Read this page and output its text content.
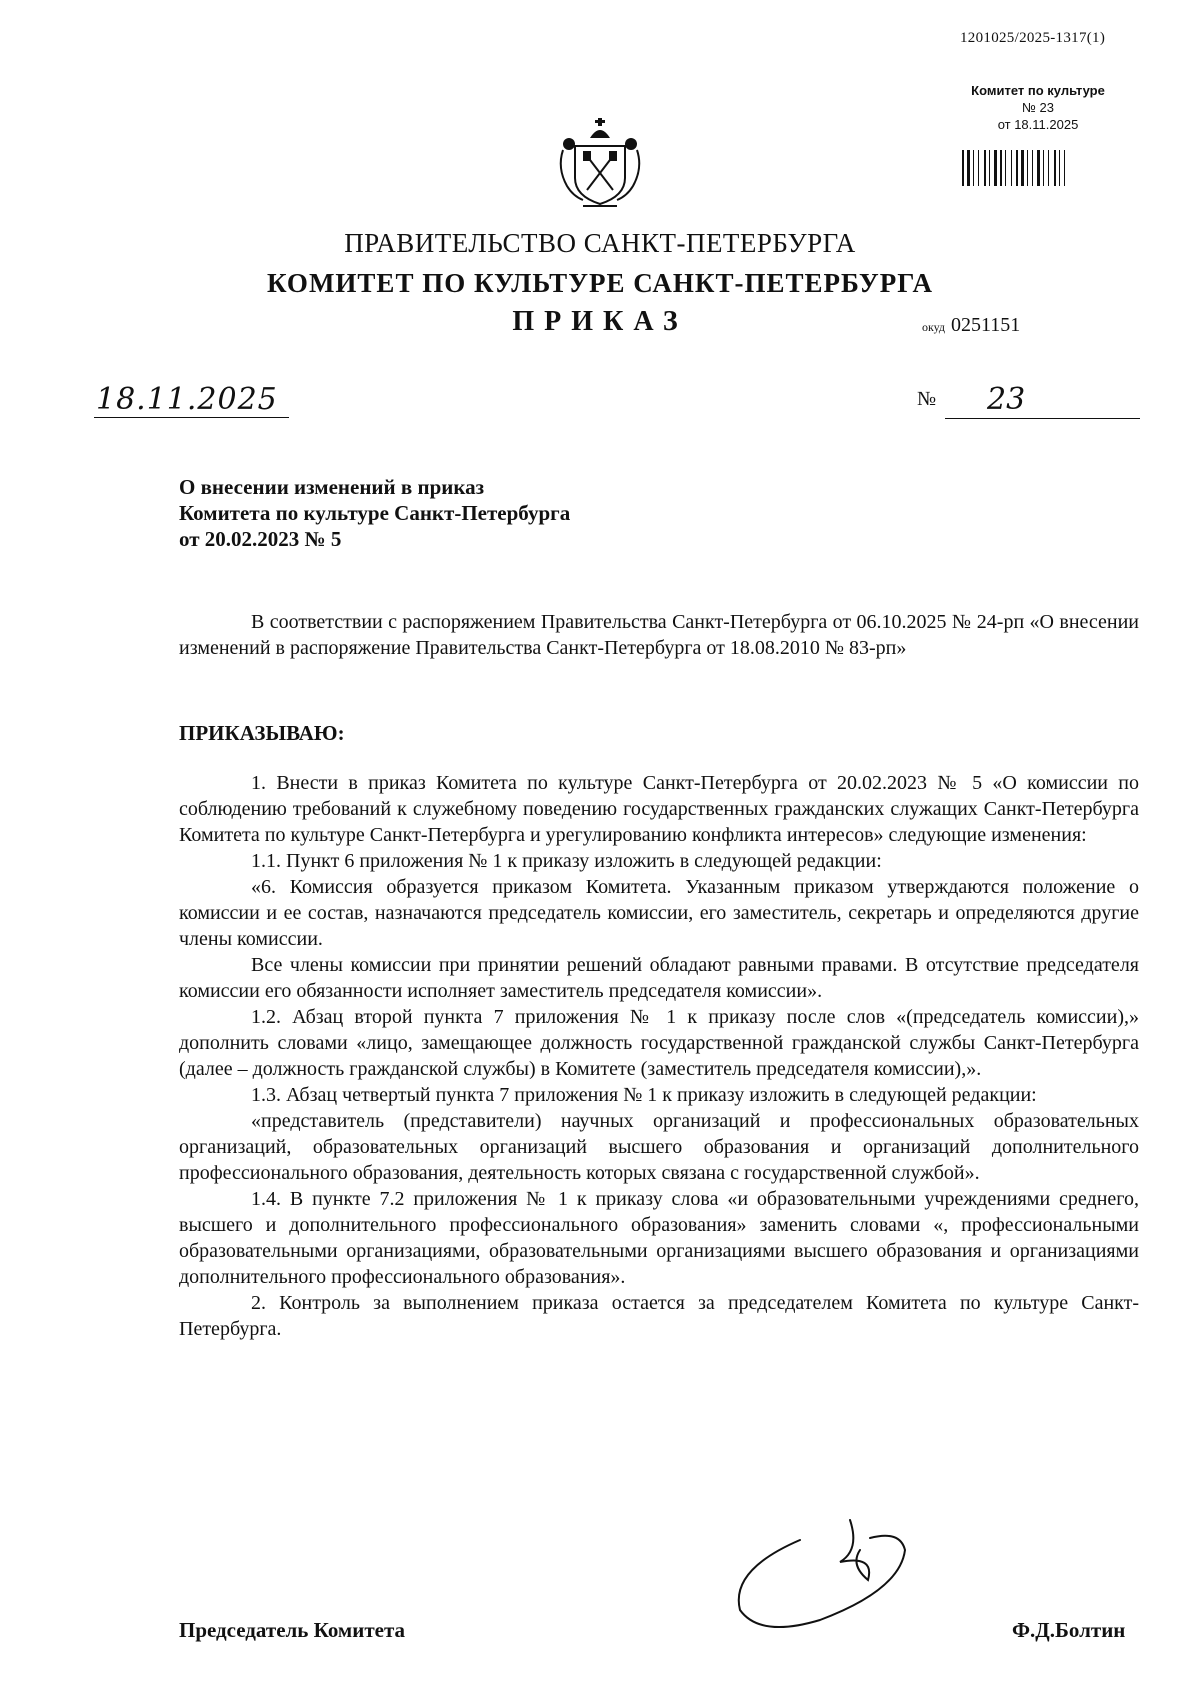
1201025/2025-1317(1)
Комитет по культуре
№ 23
от 18.11.2025
ПРАВИТЕЛЬСТВО САНКТ-ПЕТЕРБУРГА
КОМИТЕТ ПО КУЛЬТУРЕ САНКТ-ПЕТЕРБУРГА
ПРИКАЗ	окуд 0251151
18.11.2025	№	23
О внесении изменений в приказ
Комитета по культуре Санкт-Петербурга
от 20.02.2023 № 5
В соответствии с распоряжением Правительства Санкт-Петербурга от 06.10.2025 № 24-рп «О внесении изменений в распоряжение Правительства Санкт-Петербурга от 18.08.2010 № 83-рп»
ПРИКАЗЫВАЮ:

1. Внести в приказ Комитета по культуре Санкт-Петербурга от 20.02.2023 № 5 «О комиссии по соблюдению требований к служебному поведению государственных гражданских служащих Санкт-Петербурга Комитета по культуре Санкт-Петербурга и урегулированию конфликта интересов» следующие изменения:

1.1. Пункт 6 приложения № 1 к приказу изложить в следующей редакции:

«6. Комиссия образуется приказом Комитета. Указанным приказом утверждаются положение о комиссии и ее состав, назначаются председатель комиссии, его заместитель, секретарь и определяются другие члены комиссии.

Все члены комиссии при принятии решений обладают равными правами. В отсутствие председателя комиссии его обязанности исполняет заместитель председателя комиссии».

1.2. Абзац второй пункта 7 приложения № 1 к приказу после слов «(председатель комиссии),» дополнить словами «лицо, замещающее должность государственной гражданской службы Санкт-Петербурга (далее – должность гражданской службы) в Комитете (заместитель председателя комиссии),».

1.3. Абзац четвертый пункта 7 приложения № 1 к приказу изложить в следующей редакции:

«представитель (представители) научных организаций и профессиональных образовательных организаций, образовательных организаций высшего образования и организаций дополнительного профессионального образования, деятельность которых связана с государственной службой».

1.4. В пункте 7.2 приложения № 1 к приказу слова «и образовательными учреждениями среднего, высшего и дополнительного профессионального образования» заменить словами «, профессиональными образовательными организациями, образовательными организациями высшего образования и организациями дополнительного профессионального образования».

2. Контроль за выполнением приказа остается за председателем Комитета по культуре Санкт-Петербурга.

Председатель Комитета	Ф.Д.Болтин
